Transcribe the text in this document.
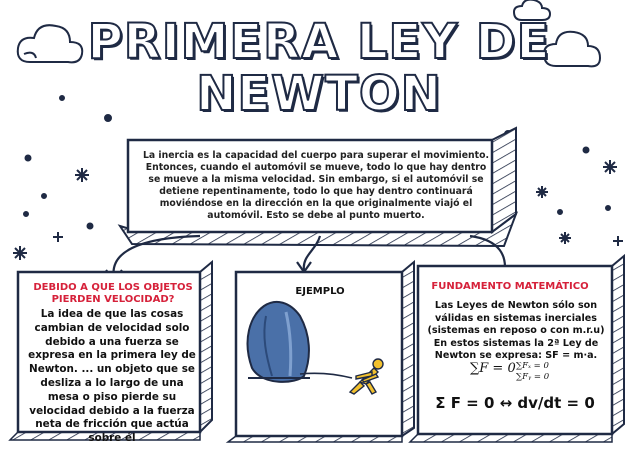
PRIMERA LEY DE
NEWTON
La inercia es la capacidad del cuerpo para superar el movimiento. Entonces, cuando el automóvil se mueve, todo lo que hay dentro se mueve a la misma velocidad. Sin embargo, si el automóvil se detiene repentinamente, todo lo que hay dentro continuará moviéndose en la dirección en la que originalmente viajó el automóvil. Esto se debe al punto muerto.
DEBIDO A QUE LOS OBJETOS PIERDEN VELOCIDAD?
La idea de que las cosas cambian de velocidad solo debido a una fuerza se expresa en la primera ley de Newton. ... un objeto que se desliza a lo largo de una mesa o piso pierde su velocidad debido a la fuerza neta de fricción que actúa sobre él
EJEMPLO	FUNDAMENTO MATEMÁTICO
Las Leyes de Newton sólo son válidas en sistemas inerciales (sistemas en reposo o con m.r.u) En estos sistemas la 2ª Ley de Newton se expresa: SF = m·a.
∑F = 0 ∑Fₓ = 0
∑Fᵧ = 0
Σ F = 0 ↔ dv/dt = 0
